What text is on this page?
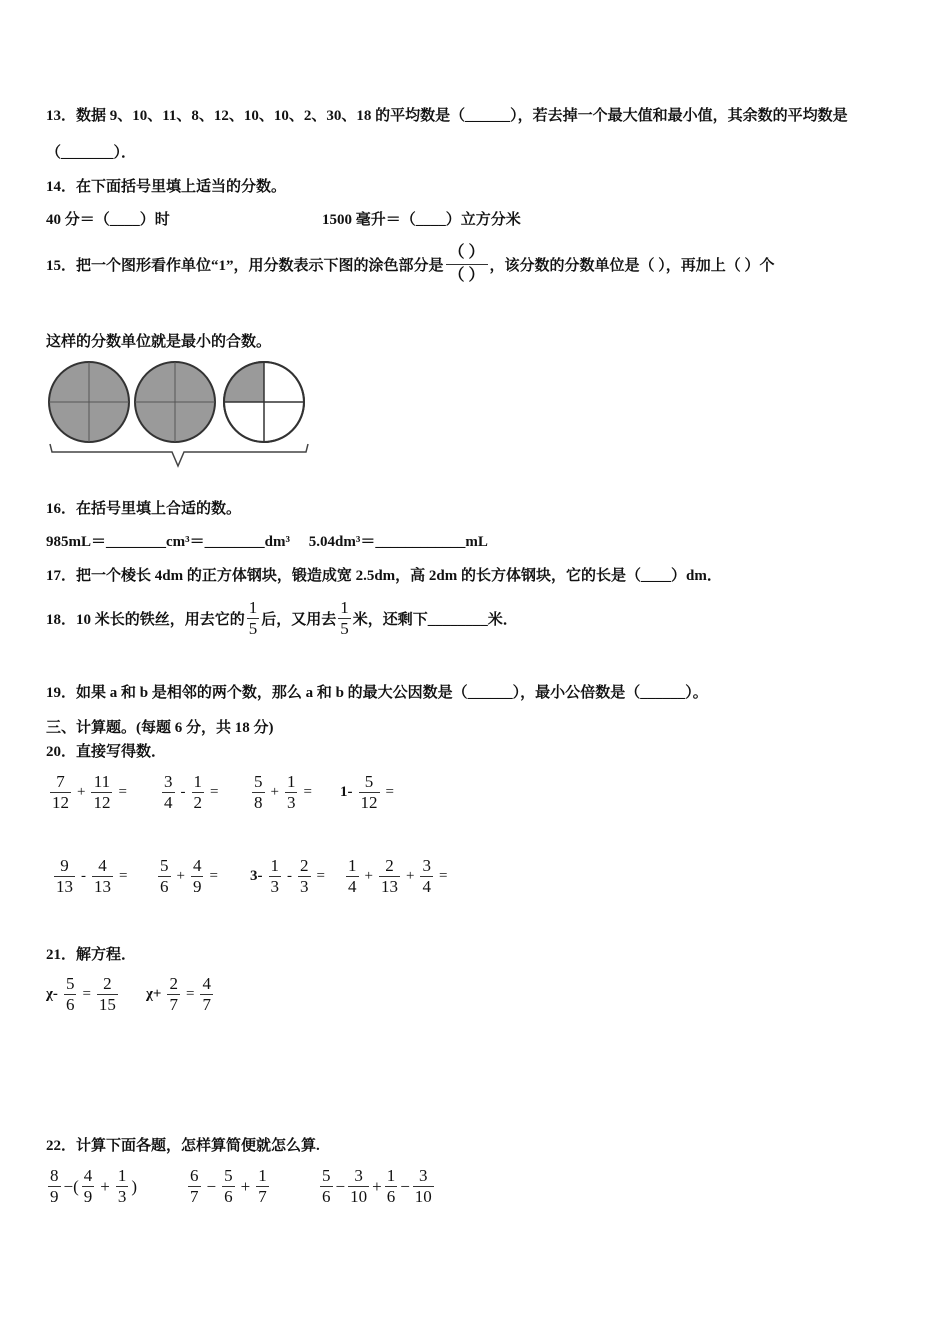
13．数据 9、10、11、8、12、10、10、2、30、18 的平均数是（______），若去掉一个最大值和最小值，其余数的平均数是
（_______）．
14．在下面括号里填上适当的分数。
40 分＝（____）时	1500 毫升＝（____）立方分米
15．把一个图形看作单位“1”，用分数表示下图的涂色部分是
（ ）
（ ）
，该分数的分数单位是（ ），再加上（ ）个
这样的分数单位就是最小的合数。
16．在括号里填上合适的数。
985mL＝________cm³＝________dm³　 5.04dm³＝____________mL
17．把一个棱长 4dm 的正方体钢块，锻造成宽 2.5dm，高 2dm 的长方体钢块，它的长是（____）dm．
18．10 米长的铁丝，用去它的 $\frac{1}{5}$ 后，又用去 $\frac{1}{5}$ 米，还剩下________米．
19．如果 a 和 b 是相邻的两个数，那么 a 和 b 的最大公因数是（______），最小公倍数是（______）。
三、计算题。(每题 6 分，共 18 分)
20．直接写得数．
$\frac{7}{12} + \frac{11}{12} = \frac{3}{4} - \frac{1}{2} = \frac{5}{8} + \frac{1}{3} = 1- \frac{5}{12}$ =
$\frac{9}{13} - \frac{4}{13} = \frac{5}{6} + \frac{4}{9} = 3- \frac{1}{3} - \frac{2}{3} = \frac{1}{4} + \frac{2}{13} + \frac{3}{4}$ =
21．解方程．
$\chi- \frac{5}{6} = \frac{2}{15} \chi+ \frac{2}{7} = \frac{4}{7}$
22．计算下面各题，怎样算简便就怎么算.
$\frac{8}{9}$ −( $\frac{4}{9} + \frac{1}{3}$ )	$\frac{6}{7} - \frac{5}{6} + \frac{1}{7}$	$\frac{5}{6} - \frac{3}{10} + \frac{1}{6} - \frac{3}{10}$
